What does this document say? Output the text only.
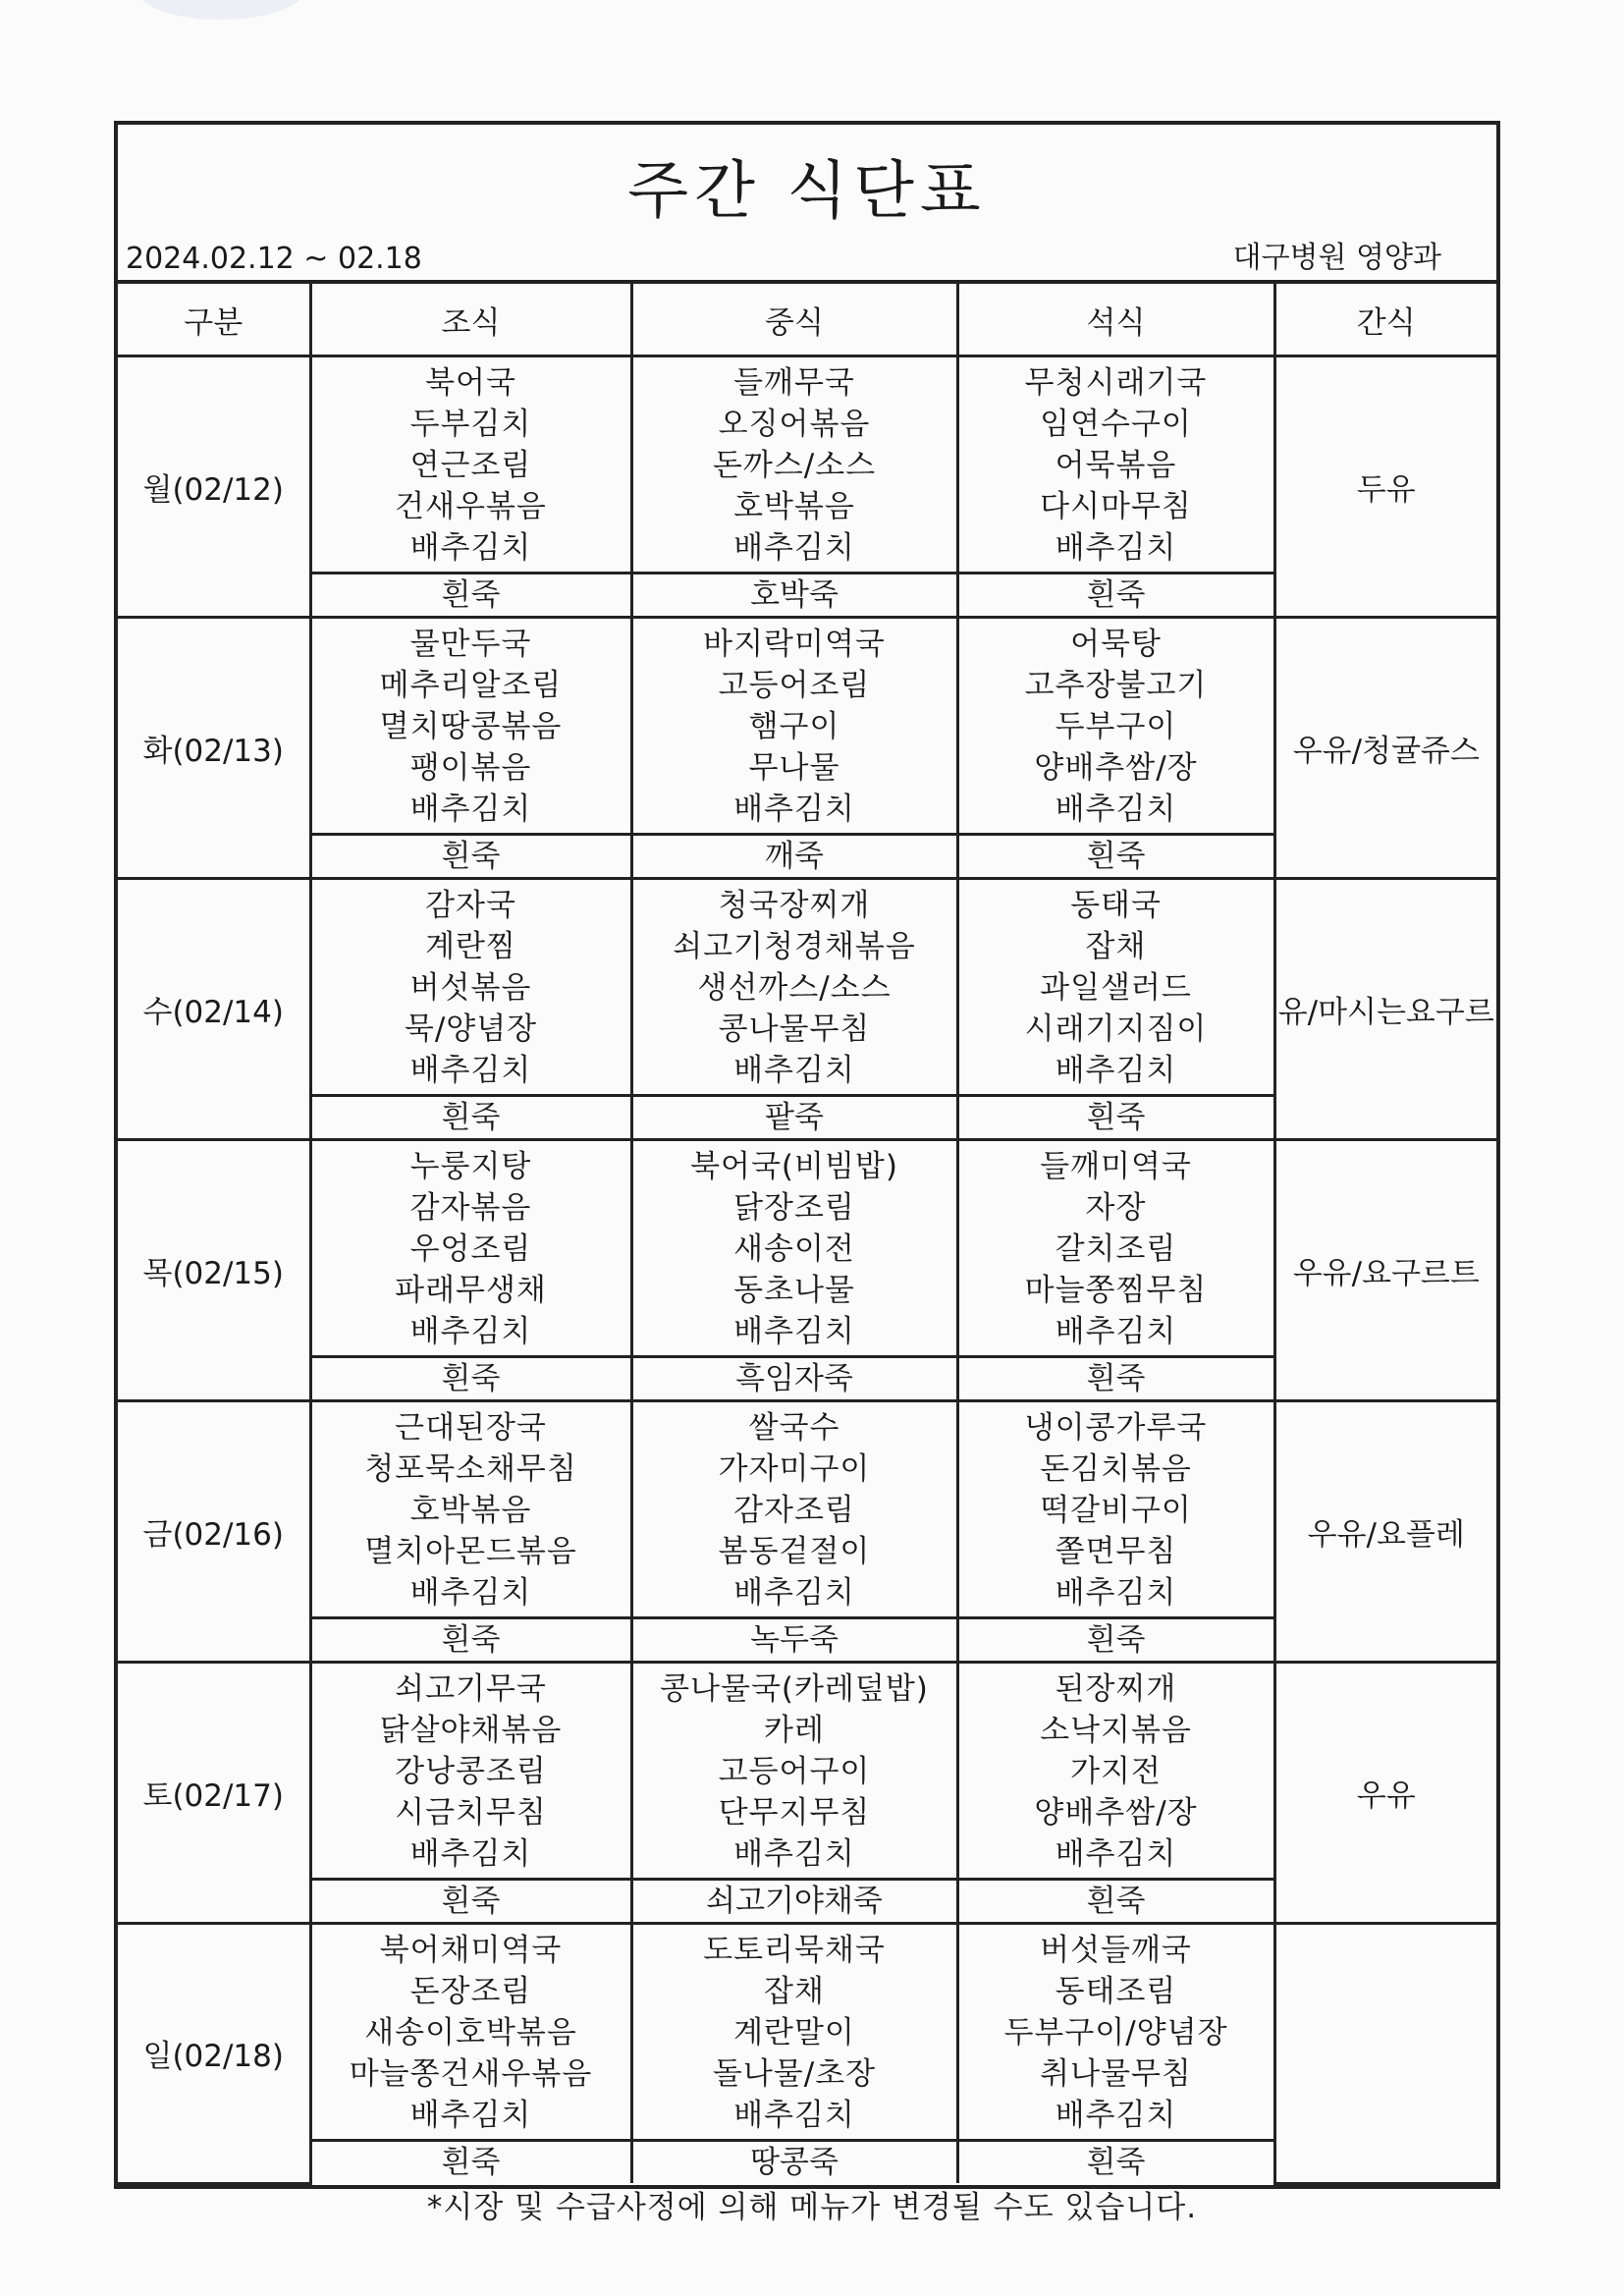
주간 식단표
2024.02.12 ~ 02.18	대구병원 영양과
구분	조식	중식	석식	간식
월(02/12)	북어국
두부김치
연근조림
건새우볶음
배추김치	들깨무국
오징어볶음
돈까스/소스
호박볶음
배추김치	무청시래기국
임연수구이
어묵볶음
다시마무침
배추김치	두유
	흰죽	호박죽	흰죽	
화(02/13)	물만두국
메추리알조림
멸치땅콩볶음
팽이볶음
배추김치	바지락미역국
고등어조림
햄구이
무나물
배추김치	어묵탕
고추장불고기
두부구이
양배추쌈/장
배추김치	우유/청귤쥬스
	흰죽	깨죽	흰죽	
수(02/14)	감자국
계란찜
버섯볶음
묵/양념장
배추김치	청국장찌개
쇠고기청경채볶음
생선까스/소스
콩나물무침
배추김치	동태국
잡채
과일샐러드
시래기지짐이
배추김치	유/마시는요구르
	흰죽	팥죽	흰죽	
목(02/15)	누룽지탕
감자볶음
우엉조림
파래무생채
배추김치	북어국(비빔밥)
닭장조림
새송이전
동초나물
배추김치	들깨미역국
자장
갈치조림
마늘쫑찜무침
배추김치	우유/요구르트
	흰죽	흑임자죽	흰죽	
금(02/16)	근대된장국
청포묵소채무침
호박볶음
멸치아몬드볶음
배추김치	쌀국수
가자미구이
감자조림
봄동겉절이
배추김치	냉이콩가루국
돈김치볶음
떡갈비구이
쫄면무침
배추김치	우유/요플레
	흰죽	녹두죽	흰죽	
토(02/17)	쇠고기무국
닭살야채볶음
강낭콩조림
시금치무침
배추김치	콩나물국(카레덮밥)
카레
고등어구이
단무지무침
배추김치	된장찌개
소낙지볶음
가지전
양배추쌈/장
배추김치	우유
	흰죽	쇠고기야채죽	흰죽	
일(02/18)	북어채미역국
돈장조림
새송이호박볶음
마늘쫑건새우볶음
배추김치	도토리묵채국
잡채
계란말이
돌나물/초장
배추김치	버섯들깨국
동태조림
두부구이/양념장
취나물무침
배추김치	

	흰죽	땅콩죽	흰죽	
*시장 및 수급사정에 의해 메뉴가 변경될 수도 있습니다.
